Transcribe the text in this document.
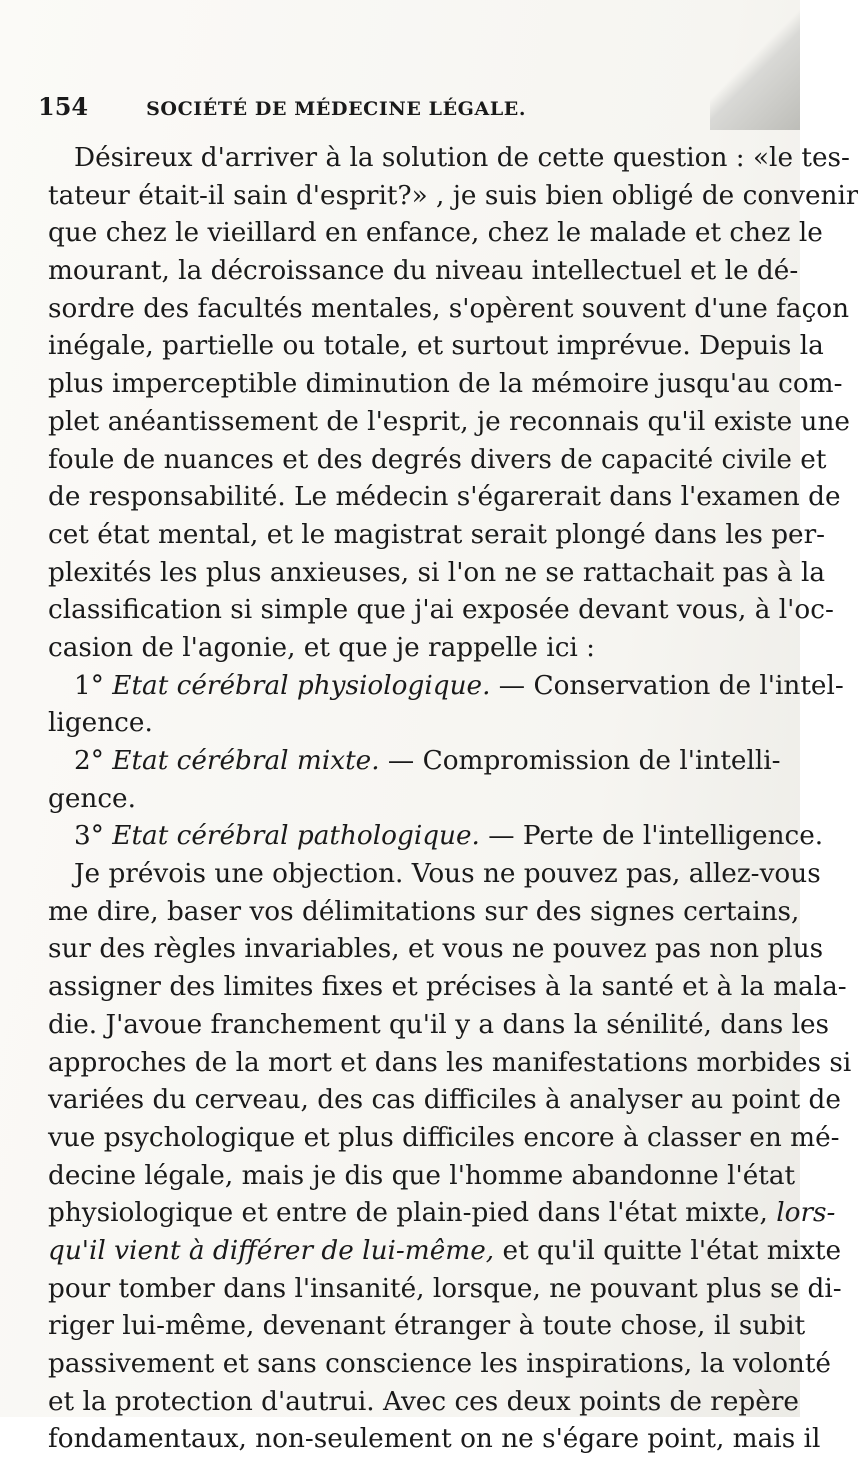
154	SOCIÉTÉ DE MÉDECINE LÉGALE.
Désireux d'arriver à la solution de cette question : «le tes-
tateur était-il sain d'esprit?» , je suis bien obligé de convenir
que chez le vieillard en enfance, chez le malade et chez le
mourant, la décroissance du niveau intellectuel et le dé-
sordre des facultés mentales, s'opèrent souvent d'une façon
inégale, partielle ou totale, et surtout imprévue. Depuis la
plus imperceptible diminution de la mémoire jusqu'au com-
plet anéantissement de l'esprit, je reconnais qu'il existe une
foule de nuances et des degrés divers de capacité civile et
de responsabilité. Le médecin s'égarerait dans l'examen de
cet état mental, et le magistrat serait plongé dans les per-
plexités les plus anxieuses, si l'on ne se rattachait pas à la
classification si simple que j'ai exposée devant vous, à l'oc-
casion de l'agonie, et que je rappelle ici :
1° Etat cérébral physiologique. — Conservation de l'intel-
ligence.
2° Etat cérébral mixte. — Compromission de l'intelli-
gence.
3° Etat cérébral pathologique. — Perte de l'intelligence.
Je prévois une objection. Vous ne pouvez pas, allez-vous
me dire, baser vos délimitations sur des signes certains,
sur des règles invariables, et vous ne pouvez pas non plus
assigner des limites fixes et précises à la santé et à la mala-
die. J'avoue franchement qu'il y a dans la sénilité, dans les
approches de la mort et dans les manifestations morbides si
variées du cerveau, des cas difficiles à analyser au point de
vue psychologique et plus difficiles encore à classer en mé-
decine légale, mais je dis que l'homme abandonne l'état
physiologique et entre de plain-pied dans l'état mixte, lors-
qu'il vient à différer de lui-même, et qu'il quitte l'état mixte
pour tomber dans l'insanité, lorsque, ne pouvant plus se di-
riger lui-même, devenant étranger à toute chose, il subit
passivement et sans conscience les inspirations, la volonté
et la protection d'autrui. Avec ces deux points de repère
fondamentaux, non-seulement on ne s'égare point, mais il
